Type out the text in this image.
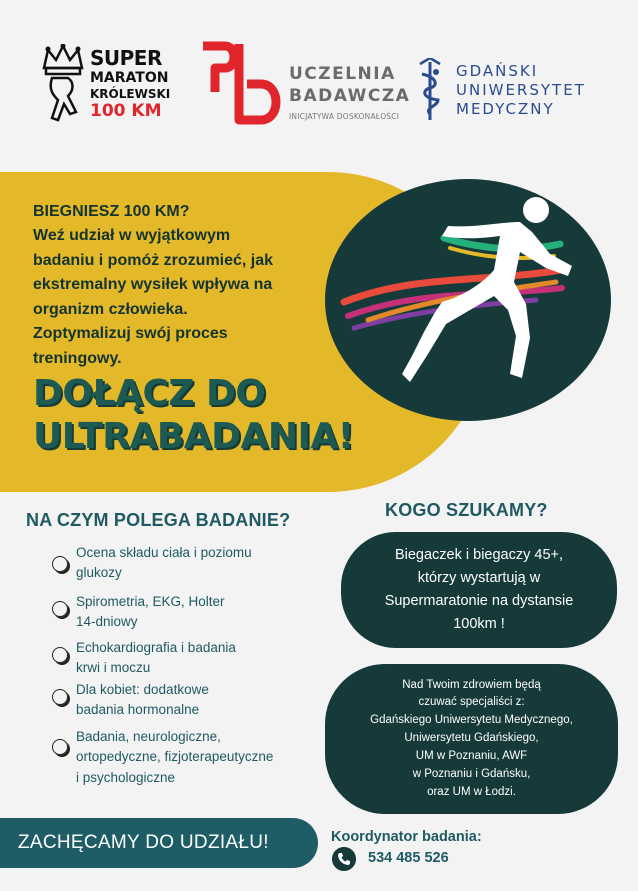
SUPER
MARATON
KRÓLEWSKI
100 KM
UCZELNIA
BADAWCZA
INICJATYWA DOSKONAŁOŚCI
GDAŃSKI
UNIWERSYTET
MEDYCZNY
BIEGNIESZ 100 KM?
Weź udział w wyjątkowym
badaniu i pomóż zrozumieć, jak
ekstremalny wysiłek wpływa na
organizm człowieka.
Zoptymalizuj swój proces
treningowy.
DOŁĄCZ DO
ULTRABADANIA!
NA CZYM POLEGA BADANIE?
Ocena składu ciała i poziomu
glukozy
Spirometria, EKG, Holter
14-dniowy
Echokardiografia i badania
krwi i moczu
Dla kobiet: dodatkowe
badania hormonalne
Badania, neurologiczne,
ortopedyczne, fizjoterapeutyczne
i psychologiczne
KOGO SZUKAMY?
Biegaczek i biegaczy 45+,
którzy wystartują w
Supermaratonie na dystansie
100km !
Nad Twoim zdrowiem będą
czuwać specjaliści z:
Gdańskiego Uniwersytetu Medycznego,
Uniwersytetu Gdańskiego,
UM w Poznaniu, AWF
w Poznaniu i Gdańsku,
oraz UM w Łodzi.
ZACHĘCAMY DO UDZIAŁU!	Koordynator badania:
534 485 526
